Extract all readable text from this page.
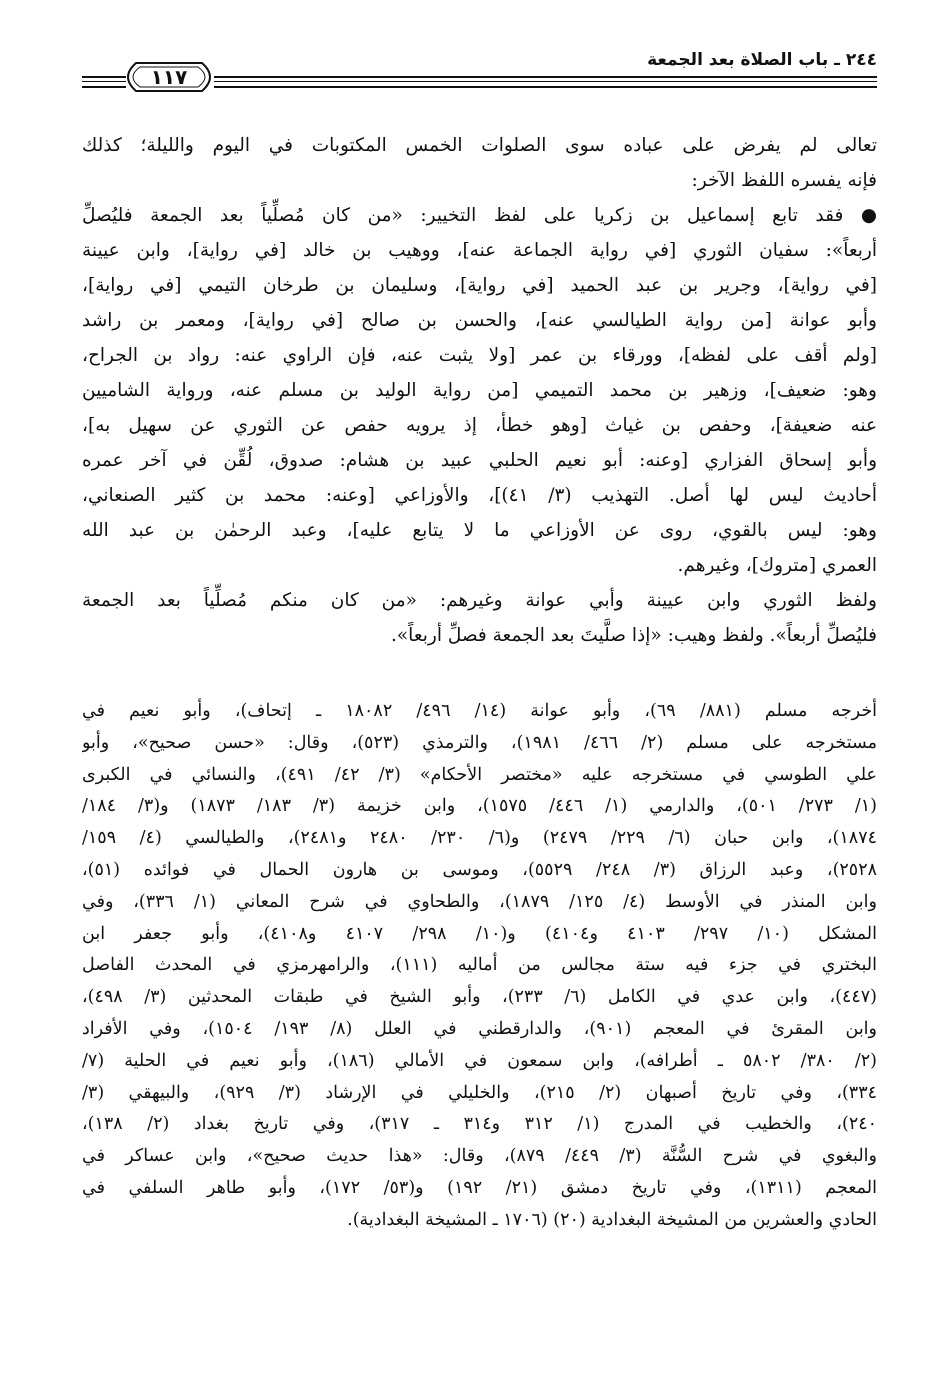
٢٤٤ ـ باب الصلاة بعد الجمعة
١١٧
تعالى لم يفرض على عباده سوى الصلوات الخمس المكتوبات في اليوم والليلة؛ كذلك
فإنه يفسره اللفظ الآخر:
● فقد تابع إسماعيل بن زكريا على لفظ التخيير: «من كان مُصلِّياً بعد الجمعة فليُصلِّ
أربعاً»: سفيان الثوري [في رواية الجماعة عنه]، ووهيب بن خالد [في رواية]، وابن عيينة
[في رواية]، وجرير بن عبد الحميد [في رواية]، وسليمان بن طرخان التيمي [في رواية]،
وأبو عوانة [من رواية الطيالسي عنه]، والحسن بن صالح [في رواية]، ومعمر بن راشد
[ولم أقف على لفظه]، وورقاء بن عمر [ولا يثبت عنه، فإن الراوي عنه: رواد بن الجراح،
وهو: ضعيف]، وزهير بن محمد التميمي [من رواية الوليد بن مسلم عنه، ورواية الشاميين
عنه ضعيفة]، وحفص بن غياث [وهو خطأ، إذ يرويه حفص عن الثوري عن سهيل به]،
وأبو إسحاق الفزاري [وعنه: أبو نعيم الحلبي عبيد بن هشام: صدوق، لُقِّن في آخر عمره
أحاديث ليس لها أصل. التهذيب (٣/ ٤١)]، والأوزاعي [وعنه: محمد بن كثير الصنعاني،
وهو: ليس بالقوي، روى عن الأوزاعي ما لا يتابع عليه]، وعبد الرحمٰن بن عبد الله
العمري [متروك]، وغيرهم.
ولفظ الثوري وابن عيينة وأبي عوانة وغيرهم: «من كان منكم مُصلِّياً بعد الجمعة
فليُصلِّ أربعاً». ولفظ وهيب: «إذا صلَّيتَ بعد الجمعة فصلِّ أربعاً».
أخرجه مسلم (٨٨١/ ٦٩)، وأبو عوانة (١٤/ ٤٩٦/ ١٨٠٨٢ ـ إتحاف)، وأبو نعيم في
مستخرجه على مسلم (٢/ ٤٦٦/ ١٩٨١)، والترمذي (٥٢٣)، وقال: «حسن صحيح»، وأبو
علي الطوسي في مستخرجه عليه «مختصر الأحكام» (٣/ ٤٢/ ٤٩١)، والنسائي في الكبرى
(١/ ٢٧٣/ ٥٠١)، والدارمي (١/ ٤٤٦/ ١٥٧٥)، وابن خزيمة (٣/ ١٨٣/ ١٨٧٣) و(٣/ ١٨٤/
١٨٧٤)، وابن حبان (٦/ ٢٢٩/ ٢٤٧٩) و(٦/ ٢٣٠/ ٢٤٨٠ و٢٤٨١)، والطيالسي (٤/ ١٥٩/
٢٥٢٨)، وعبد الرزاق (٣/ ٢٤٨/ ٥٥٢٩)، وموسى بن هارون الحمال في فوائده (٥١)،
وابن المنذر في الأوسط (٤/ ١٢٥/ ١٨٧٩)، والطحاوي في شرح المعاني (١/ ٣٣٦)، وفي
المشكل (١٠/ ٢٩٧/ ٤١٠٣ و٤١٠٤) و(١٠/ ٢٩٨/ ٤١٠٧ و٤١٠٨)، وأبو جعفر ابن
البختري في جزء فيه ستة مجالس من أماليه (١١١)، والرامهرمزي في المحدث الفاصل
(٤٤٧)، وابن عدي في الكامل (٦/ ٢٣٣)، وأبو الشيخ في طبقات المحدثين (٣/ ٤٩٨)،
وابن المقرئ في المعجم (٩٠١)، والدارقطني في العلل (٨/ ١٩٣/ ١٥٠٤)، وفي الأفراد
(٢/ ٣٨٠/ ٥٨٠٢ ـ أطرافه)، وابن سمعون في الأمالي (١٨٦)، وأبو نعيم في الحلية (٧/
٣٣٤)، وفي تاريخ أصبهان (٢/ ٢١٥)، والخليلي في الإرشاد (٣/ ٩٢٩)، والبيهقي (٣/
٢٤٠)، والخطيب في المدرج (١/ ٣١٢ و٣١٤ ـ ٣١٧)، وفي تاريخ بغداد (٢/ ١٣٨)،
والبغوي في شرح السُّنَّة (٣/ ٤٤٩/ ٨٧٩)، وقال: «هذا حديث صحيح»، وابن عساكر في
المعجم (١٣١١)، وفي تاريخ دمشق (٢١/ ١٩٢) و(٥٣/ ١٧٢)، وأبو طاهر السلفي في
الحادي والعشرين من المشيخة البغدادية (٢٠) (١٧٠٦ ـ المشيخة البغدادية).
